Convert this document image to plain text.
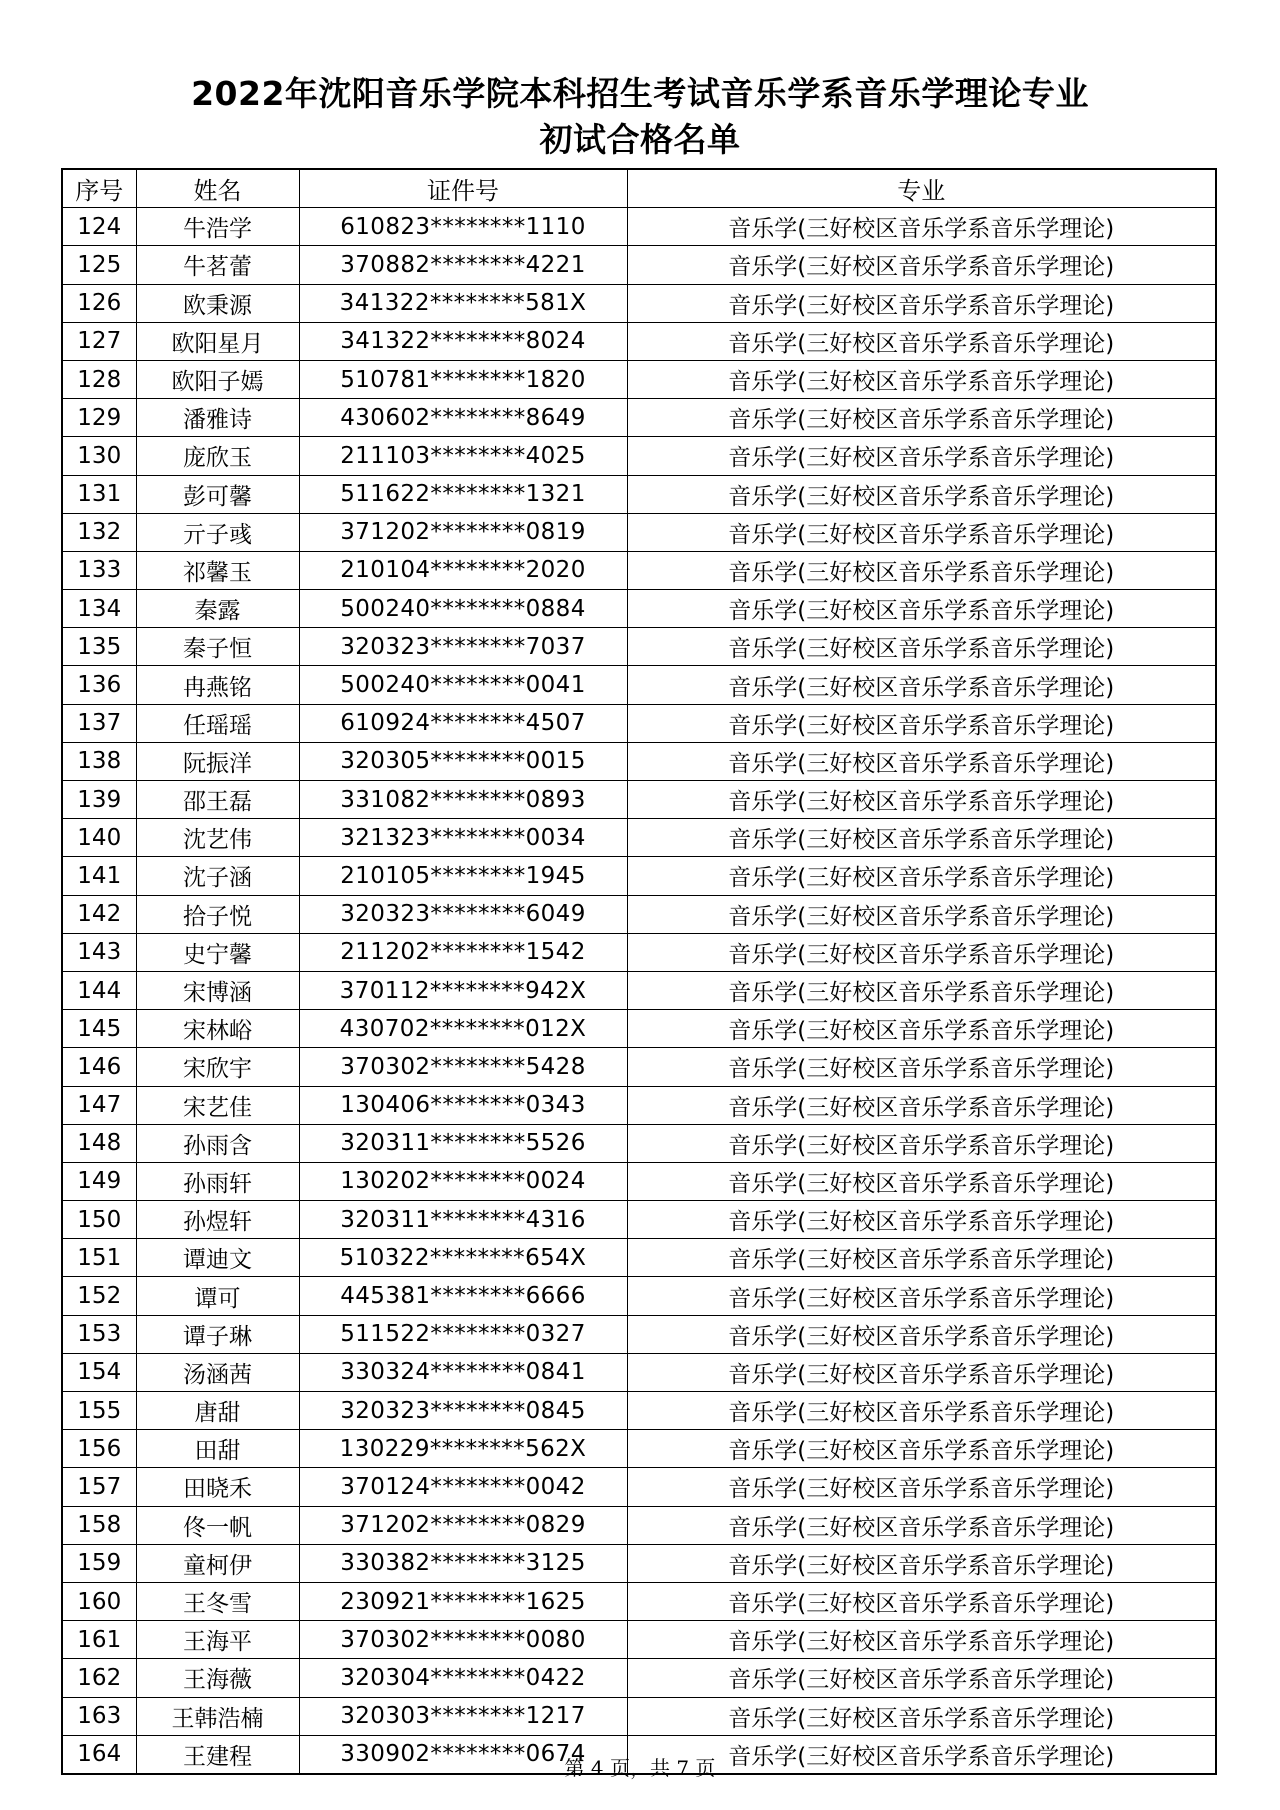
2022年沈阳音乐学院本科招生考试音乐学系音乐学理论专业
初试合格名单
序号	姓名	证件号	专业
124	牛浩学	610823********1110	音乐学(三好校区音乐学系音乐学理论)
125	牛茗蕾	370882********4221	音乐学(三好校区音乐学系音乐学理论)
126	欧秉源	341322********581X	音乐学(三好校区音乐学系音乐学理论)
127	欧阳星月	341322********8024	音乐学(三好校区音乐学系音乐学理论)
128	欧阳子嫣	510781********1820	音乐学(三好校区音乐学系音乐学理论)
129	潘雅诗	430602********8649	音乐学(三好校区音乐学系音乐学理论)
130	庞欣玉	211103********4025	音乐学(三好校区音乐学系音乐学理论)
131	彭可馨	511622********1321	音乐学(三好校区音乐学系音乐学理论)
132	亓子彧	371202********0819	音乐学(三好校区音乐学系音乐学理论)
133	祁馨玉	210104********2020	音乐学(三好校区音乐学系音乐学理论)
134	秦露	500240********0884	音乐学(三好校区音乐学系音乐学理论)
135	秦子恒	320323********7037	音乐学(三好校区音乐学系音乐学理论)
136	冉燕铭	500240********0041	音乐学(三好校区音乐学系音乐学理论)
137	任瑶瑶	610924********4507	音乐学(三好校区音乐学系音乐学理论)
138	阮振洋	320305********0015	音乐学(三好校区音乐学系音乐学理论)
139	邵王磊	331082********0893	音乐学(三好校区音乐学系音乐学理论)
140	沈艺伟	321323********0034	音乐学(三好校区音乐学系音乐学理论)
141	沈子涵	210105********1945	音乐学(三好校区音乐学系音乐学理论)
142	拾子悦	320323********6049	音乐学(三好校区音乐学系音乐学理论)
143	史宁馨	211202********1542	音乐学(三好校区音乐学系音乐学理论)
144	宋博涵	370112********942X	音乐学(三好校区音乐学系音乐学理论)
145	宋林峪	430702********012X	音乐学(三好校区音乐学系音乐学理论)
146	宋欣宇	370302********5428	音乐学(三好校区音乐学系音乐学理论)
147	宋艺佳	130406********0343	音乐学(三好校区音乐学系音乐学理论)
148	孙雨含	320311********5526	音乐学(三好校区音乐学系音乐学理论)
149	孙雨轩	130202********0024	音乐学(三好校区音乐学系音乐学理论)
150	孙煜轩	320311********4316	音乐学(三好校区音乐学系音乐学理论)
151	谭迪文	510322********654X	音乐学(三好校区音乐学系音乐学理论)
152	谭可	445381********6666	音乐学(三好校区音乐学系音乐学理论)
153	谭子琳	511522********0327	音乐学(三好校区音乐学系音乐学理论)
154	汤涵茜	330324********0841	音乐学(三好校区音乐学系音乐学理论)
155	唐甜	320323********0845	音乐学(三好校区音乐学系音乐学理论)
156	田甜	130229********562X	音乐学(三好校区音乐学系音乐学理论)
157	田晓禾	370124********0042	音乐学(三好校区音乐学系音乐学理论)
158	佟一帆	371202********0829	音乐学(三好校区音乐学系音乐学理论)
159	童柯伊	330382********3125	音乐学(三好校区音乐学系音乐学理论)
160	王冬雪	230921********1625	音乐学(三好校区音乐学系音乐学理论)
161	王海平	370302********0080	音乐学(三好校区音乐学系音乐学理论)
162	王海薇	320304********0422	音乐学(三好校区音乐学系音乐学理论)
163	王韩浩楠	320303********1217	音乐学(三好校区音乐学系音乐学理论)
164	王建程	330902********0674	音乐学(三好校区音乐学系音乐学理论)
第 4 页，共 7 页
